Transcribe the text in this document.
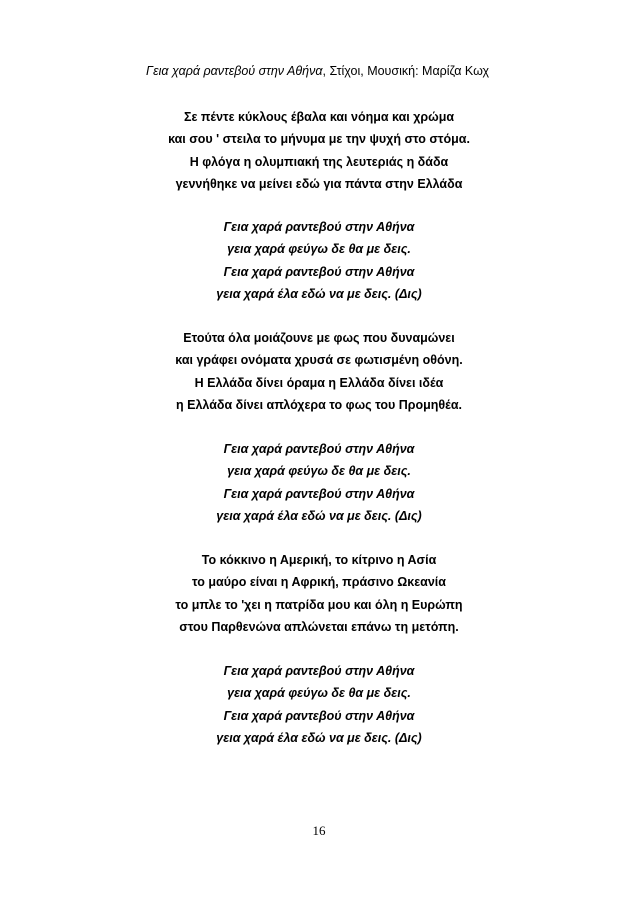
Γεια χαρά ραντεβού στην Αθήνα, Στίχοι, Μουσική: Μαρίζα Κωχ
Σε πέντε κύκλους έβαλα και νόημα και χρώμα
και σου ' στειλα το μήνυμα με την ψυχή στο στόμα.
Η φλόγα η ολυμπιακή της λευτεριάς η δάδα
γεννήθηκε να μείνει εδώ για πάντα στην Ελλάδα
Γεια χαρά ραντεβού στην Αθήνα
γεια χαρά φεύγω δε θα με δεις.
Γεια χαρά ραντεβού στην Αθήνα
γεια χαρά έλα εδώ να με δεις. (Δις)
Ετούτα όλα μοιάζουνε με φως που δυναμώνει
και γράφει ονόματα χρυσά σε φωτισμένη οθόνη.
Η Ελλάδα δίνει όραμα η Ελλάδα δίνει ιδέα
η Ελλάδα δίνει απλόχερα το φως του Προμηθέα.
Γεια χαρά ραντεβού στην Αθήνα
γεια χαρά φεύγω δε θα με δεις.
Γεια χαρά ραντεβού στην Αθήνα
γεια χαρά έλα εδώ να με δεις. (Δις)
Το κόκκινο η Αμερική, το κίτρινο η Ασία
το μαύρο είναι η Αφρική, πράσινο Ωκεανία
το μπλε το 'χει η πατρίδα μου και όλη η Ευρώπη
στου Παρθενώνα απλώνεται επάνω τη μετόπη.
Γεια χαρά ραντεβού στην Αθήνα
γεια χαρά φεύγω δε θα με δεις.
Γεια χαρά ραντεβού στην Αθήνα
γεια χαρά έλα εδώ να με δεις. (Δις)
16
